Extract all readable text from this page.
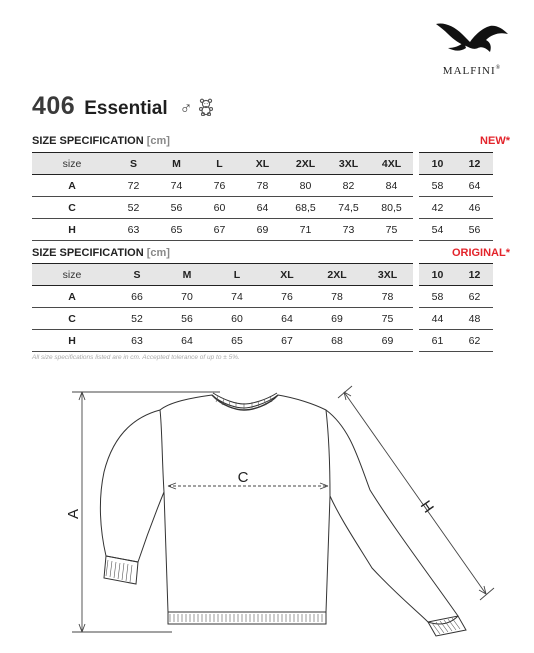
MALFINI®
406 Essential ♂
SIZE SPECIFICATION [cm]	NEW*
size	S	M	L	XL	2XL	3XL	4XL		10	12
A	72	74	76	78	80	82	84		58	64
C	52	56	60	64	68,5	74,5	80,5		42	46
H	63	65	67	69	71	73	75		54	56
SIZE SPECIFICATION [cm]	ORIGINAL*
size	S	M	L	XL	2XL	3XL		10	12
A	66	70	74	76	78	78		58	62
C	52	56	60	64	69	75		44	48
H	63	64	65	67	68	69		61	62
All size specifications listed are in cm. Accepted tolerance of up to ± 5%.
A
C
H
